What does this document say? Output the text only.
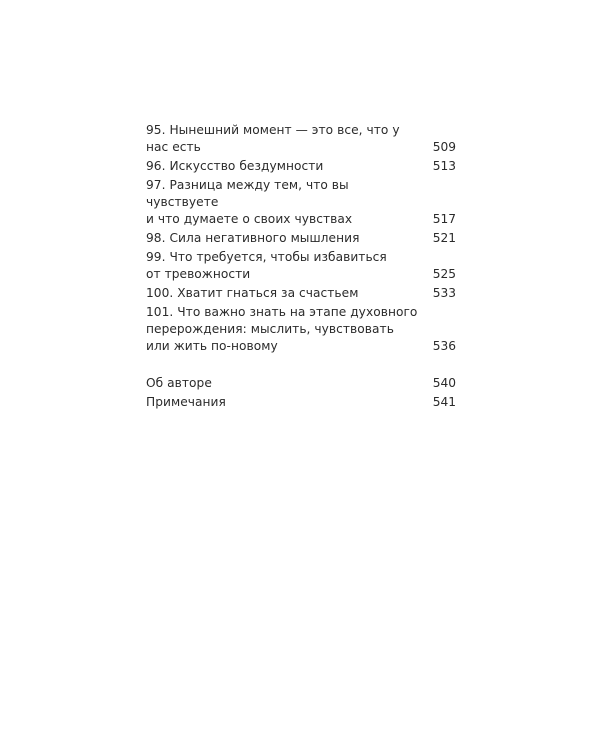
95. Нынешний момент — это все, что у нас есть	509
96. Искусство бездумности	513
97. Разница между тем, что вы чувствуете
и что думаете о своих чувствах	517
98. Сила негативного мышления	521
99. Что требуется, чтобы избавиться
от тревожности	525
100. Хватит гнаться за счастьем	533
101. Что важно знать на этапе духовного
перерождения: мыслить, чувствовать
или жить по-новому	536
Об авторе	540
Примечания	541
